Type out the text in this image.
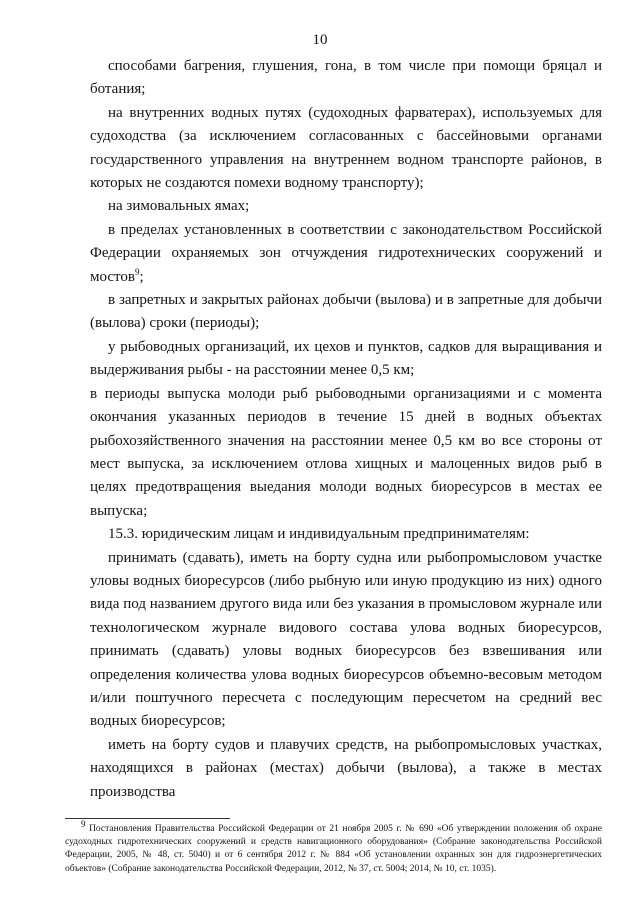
10

способами багрения, глушения, гона, в том числе при помощи бряцал и ботания;

на внутренних водных путях (судоходных фарватерах), используемых для судоходства (за исключением согласованных с бассейновыми органами государственного управления на внутреннем водном транспорте районов, в которых не создаются помехи водному транспорту);

на зимовальных ямах;

в пределах установленных в соответствии с законодательством Российской Федерации охраняемых зон отчуждения гидротехнических сооружений и мостов$^9$;

в запретных и закрытых районах добычи (вылова) и в запретные для добычи (вылова) сроки (периоды);

у рыбоводных организаций, их цехов и пунктов, садков для выращивания и выдерживания рыбы - на расстоянии менее 0,5 км;

в периоды выпуска молоди рыб рыбоводными организациями и с момента окончания указанных периодов в течение 15 дней в водных объектах рыбохозяйственного значения на расстоянии менее 0,5 км во все стороны от мест выпуска, за исключением отлова хищных и малоценных видов рыб в целях предотвращения выедания молоди водных биоресурсов в местах ее выпуска;

15.3. юридическим лицам и индивидуальным предпринимателям:

принимать (сдавать), иметь на борту судна или рыбопромысловом участке уловы водных биоресурсов (либо рыбную или иную продукцию из них) одного вида под названием другого вида или без указания в промысловом журнале или технологическом журнале видового состава улова водных биоресурсов, принимать (сдавать) уловы водных биоресурсов без взвешивания или определения количества улова водных биоресурсов объемно-весовым методом и/или поштучного пересчета с последующим пересчетом на средний вес водных биоресурсов;

иметь на борту судов и плавучих средств, на рыбопромысловых участках, находящихся в районах (местах) добычи (вылова), а также в местах производства

$^9$ Постановления Правительства Российской Федерации от 21 ноября 2005 г. № 690 «Об утверждении положения об охране судоходных гидротехнических сооружений и средств навигационного оборудования» (Собрание законодательства Российской Федерации, 2005, № 48, ст. 5040) и от 6 сентября 2012 г. № 884 «Об установлении охранных зон для гидроэнергетических объектов» (Собрание законодательства Российской Федерации, 2012, № 37, ст. 5004; 2014, № 10, ст. 1035).
